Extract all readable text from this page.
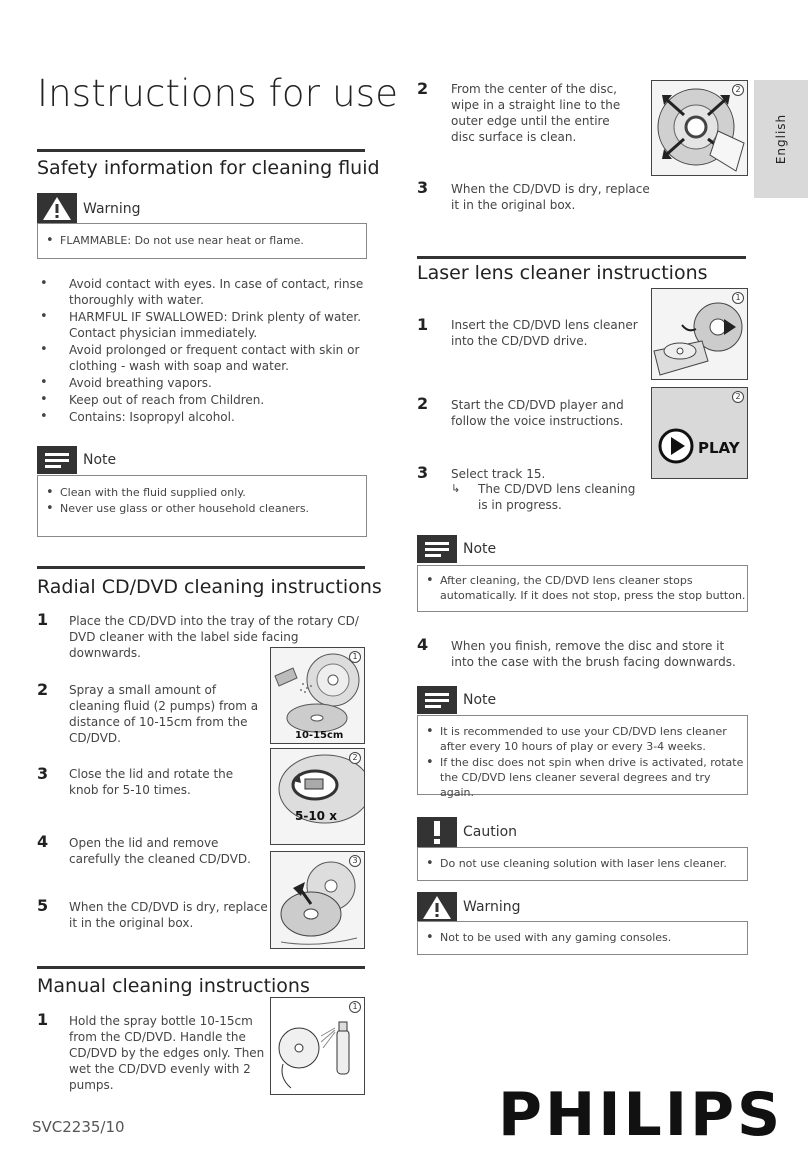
Instructions for use
English
Safety information for cleaning fluid
Warning
• FLAMMABLE: Do not use near heat or flame.
• Avoid contact with eyes. In case of contact, rinse thoroughly with water.
• HARMFUL IF SWALLOWED: Drink plenty of water. Contact physician immediately.
• Avoid prolonged or frequent contact with skin or clothing - wash with soap and water.
• Avoid breathing vapors.
• Keep out of reach from Children.
• Contains: Isopropyl alcohol.
Note
• Clean with the fluid supplied only.
• Never use glass or other household cleaners.
Radial CD/DVD cleaning instructions
1 Place the CD/DVD into the tray of the rotary CD/ DVD cleaner with the label side facing downwards.
2 Spray a small amount of cleaning fluid (2 pumps) from a distance of 10-15cm from the CD/DVD.
3 Close the lid and rotate the knob for 5-10 times.
4 Open the lid and remove carefully the cleaned CD/DVD.
5 When the CD/DVD is dry, replace it in the original box.
1
10-15cm
2
5-10 x
3
Manual cleaning instructions
1 Hold the spray bottle 10-15cm from the CD/DVD. Handle the CD/DVD by the edges only. Then wet the CD/DVD evenly with 2 pumps.
1
SVC2235/10	PHILIPS
2 From the center of the disc, wipe in a straight line to the outer edge until the entire disc surface is clean.
2
3 When the CD/DVD is dry, replace it in the original box.
Laser lens cleaner instructions
1 Insert the CD/DVD lens cleaner into the CD/DVD drive.
1
2 Start the CD/DVD player and follow the voice instructions.
PLAY
2
3 Select track 15.
↳ The CD/DVD lens cleaning is in progress.
Note
• After cleaning, the CD/DVD lens cleaner stops automatically. If it does not stop, press the stop button.
4 When you finish, remove the disc and store it into the case with the brush facing downwards.
Note
• It is recommended to use your CD/DVD lens cleaner after every 10 hours of play or every 3-4 weeks.
• If the disc does not spin when drive is activated, rotate the CD/DVD lens cleaner several degrees and try again.
Caution
• Do not use cleaning solution with laser lens cleaner.
Warning
• Not to be used with any gaming consoles.
